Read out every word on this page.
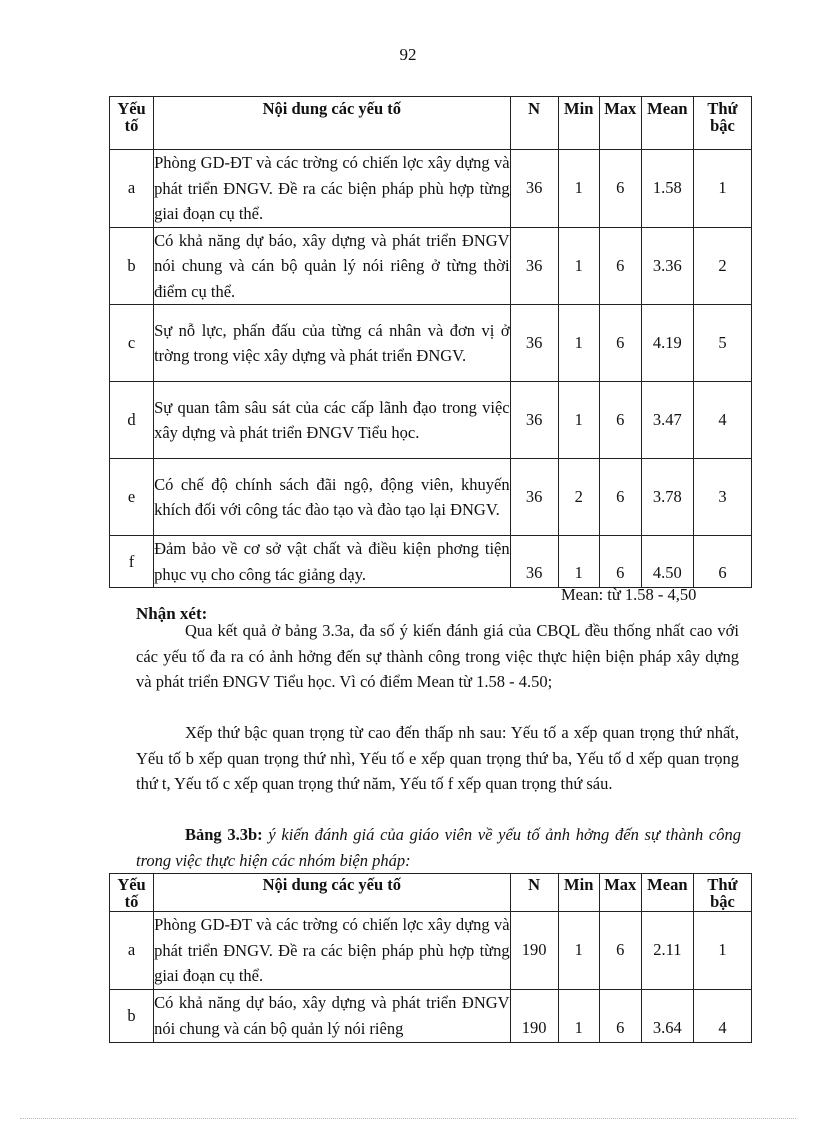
92
Yếu tố	Nội dung các yếu tố	N	Min	Max	Mean	Thứ bậc
a	Phòng GD-ĐT và các trờng có chiến lợc xây dựng và phát triển ĐNGV. Đề ra các biện pháp phù hợp từng giai đoạn cụ thể.	36	1	6	1.58	1
b	Có khả năng dự báo, xây dựng và phát triển ĐNGV nói chung và cán bộ quản lý nói riêng ở từng thời điểm cụ thể.	36	1	6	3.36	2
c	Sự nỗ lực, phấn đấu của từng cá nhân và đơn vị ở trờng trong việc xây dựng và phát triển ĐNGV.	36	1	6	4.19	5
d	Sự quan tâm sâu sát của các cấp lãnh đạo trong việc xây dựng và phát triển ĐNGV Tiểu học.	36	1	6	3.47	4
e	Có chế độ chính sách đãi ngộ, động viên, khuyến khích đối với công tác đào tạo và đào tạo lại ĐNGV.	36	2	6	3.78	3
f	Đảm bảo về cơ sở vật chất và điều kiện phơng tiện phục vụ cho công tác giảng dạy.	36	1	6	4.50	6
Mean: từ 1.58 - 4,50
Nhận xét:

Qua kết quả ở bảng 3.3a, đa số ý kiến đánh giá của CBQL đều thống nhất cao với các yếu tố đa ra có ảnh hởng đến sự thành công trong việc thực hiện biện pháp xây dựng và phát triển ĐNGV Tiểu học. Vì có điểm Mean từ 1.58 - 4.50;

Xếp thứ bậc quan trọng từ cao đến thấp nh sau: Yếu tố a xếp quan trọng thứ nhất, Yếu tố b xếp quan trọng thứ nhì, Yếu tố e xếp quan trọng thứ ba, Yếu tố d xếp quan trọng thứ t, Yếu tố c xếp quan trọng thứ năm, Yếu tố f xếp quan trọng thứ sáu.

Bảng 3.3b: ý kiến đánh giá của giáo viên về yếu tố ảnh hởng đến sự thành công trong việc thực hiện các nhóm biện pháp:

Yếu tố	Nội dung các yếu tố	N	Min	Max	Mean	Thứ bậc
a	Phòng GD-ĐT và các trờng có chiến lợc xây dựng và phát triển ĐNGV. Đề ra các biện pháp phù hợp từng giai đoạn cụ thể.	190	1	6	2.11	1
b	Có khả năng dự báo, xây dựng và phát triển ĐNGV nói chung và cán bộ quản lý nói riêng	190	1	6	3.64	4
